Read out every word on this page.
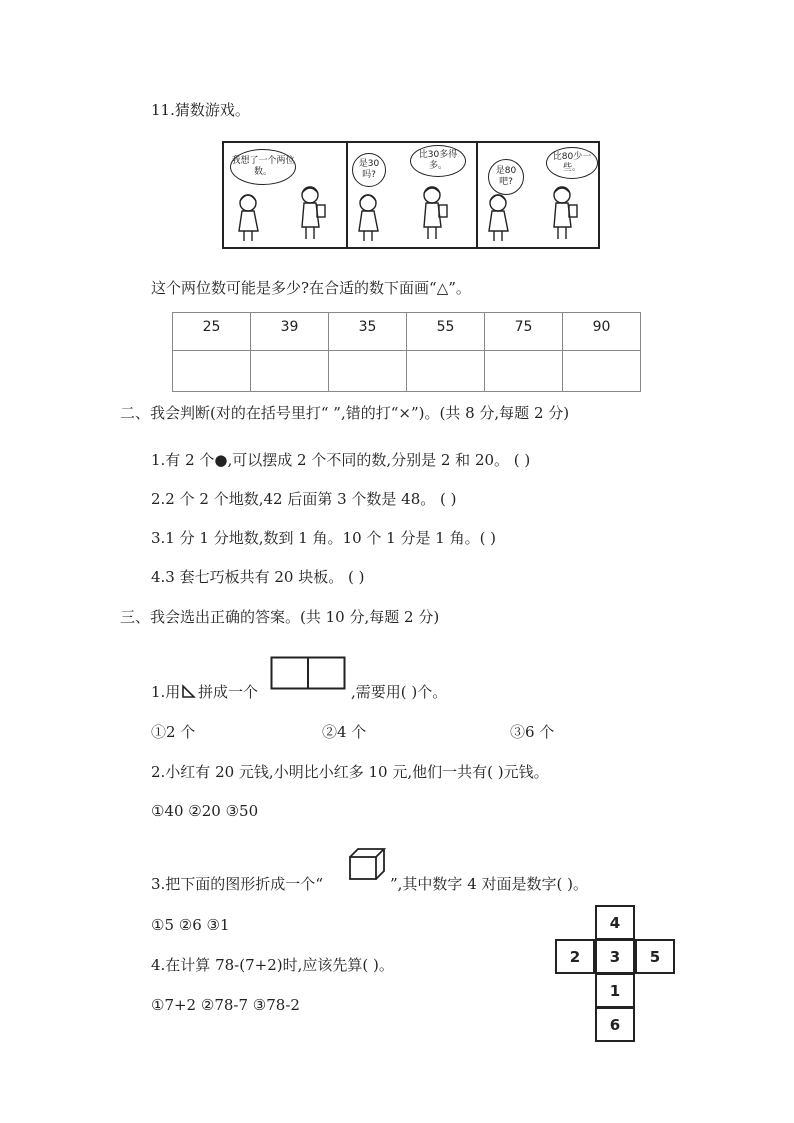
11.猜数游戏。
我想了一个两位数。
是30吗?
比30多得多。	是80吧?
比80少一些。
这个两位数可能是多少?在合适的数下面画“△”。
25	39	35	55	75	90

二、我会判断(对的在括号里打“ ”,错的打“×”)。(共 8 分,每题 2 分)
1.有 2 个●,可以摆成 2 个不同的数,分别是 2 和 20。 ( )
2.2 个 2 个地数,42 后面第 3 个数是 48。 ( )
3.1 分 1 分地数,数到 1 角。10 个 1 分是 1 角。( )
4.3 套七巧板共有 20 块板。 ( )
三、我会选出正确的答案。(共 10 分,每题 2 分)
1.用 拼成一个	,需要用( )个。
①2 个	②4 个	③6 个
2.小红有 20 元钱,小明比小红多 10 元,他们一共有( )元钱。
①40 ②20 ③50
3.把下面的图形折成一个“	”,其中数字 4 对面是数字( )。
①5 ②6 ③1
4.在计算 78-(7+2)时,应该先算( )。
①7+2 ②78-7 ③78-2
4
2	3	5
1
6
